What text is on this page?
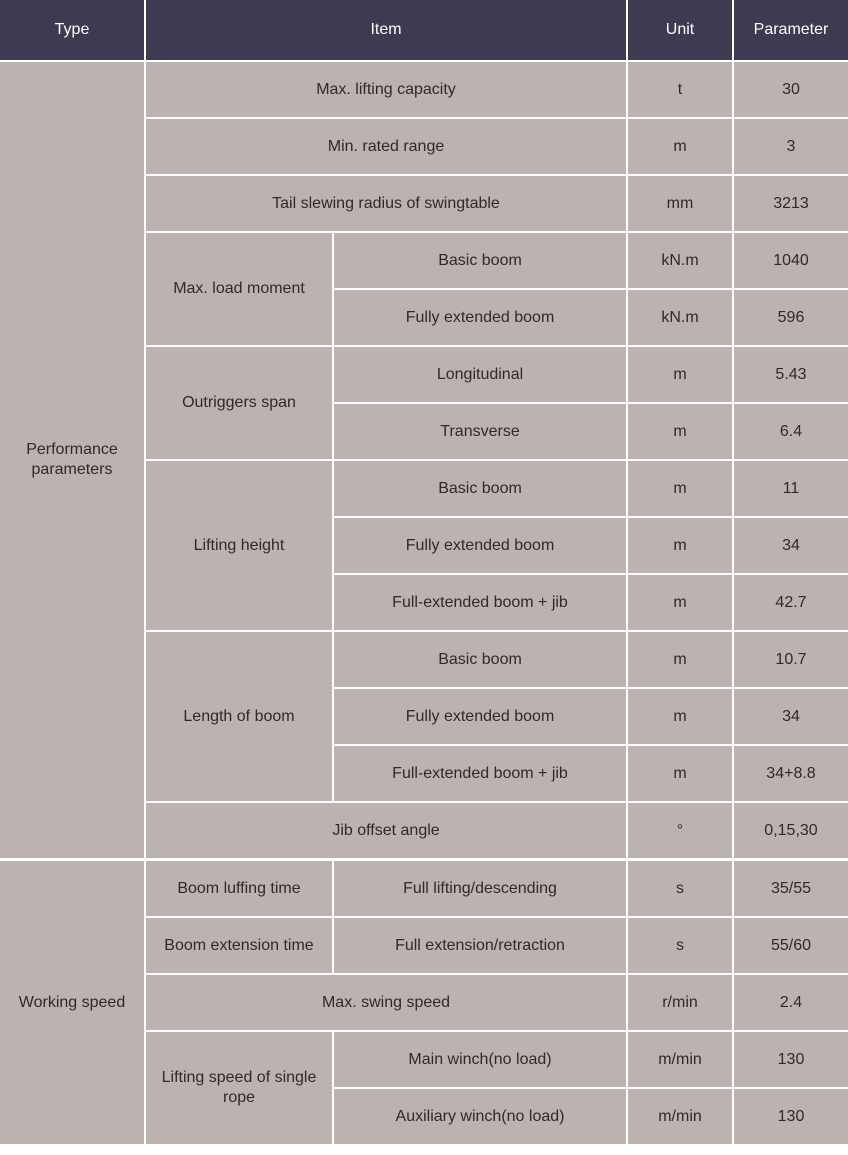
Type	Item		Unit	Parameter
Performance parameters	Max. lifting capacity		t	30
	Min. rated range		m	3
	Tail slewing radius of swingtable		mm	3213
	Max. load moment	Basic boom	kN.m	1040
		Fully extended boom	kN.m	596
	Outriggers span	Longitudinal	m	5.43
		Transverse	m	6.4
	Lifting height	Basic boom	m	11
		Fully extended boom	m	34
		Full-extended boom + jib	m	42.7
	Length of boom	Basic boom	m	10.7
		Fully extended boom	m	34
		Full-extended boom + jib	m	34+8.8
	Jib offset angle		°	0,15,30
Working speed	Boom luffing time	Full lifting/descending	s	35/55
	Boom extension time	Full extension/retraction	s	55/60
	Max. swing speed		r/min	2.4
	Lifting speed of single rope	Main winch(no load)	m/min	130
		Auxiliary winch(no load)	m/min	130
